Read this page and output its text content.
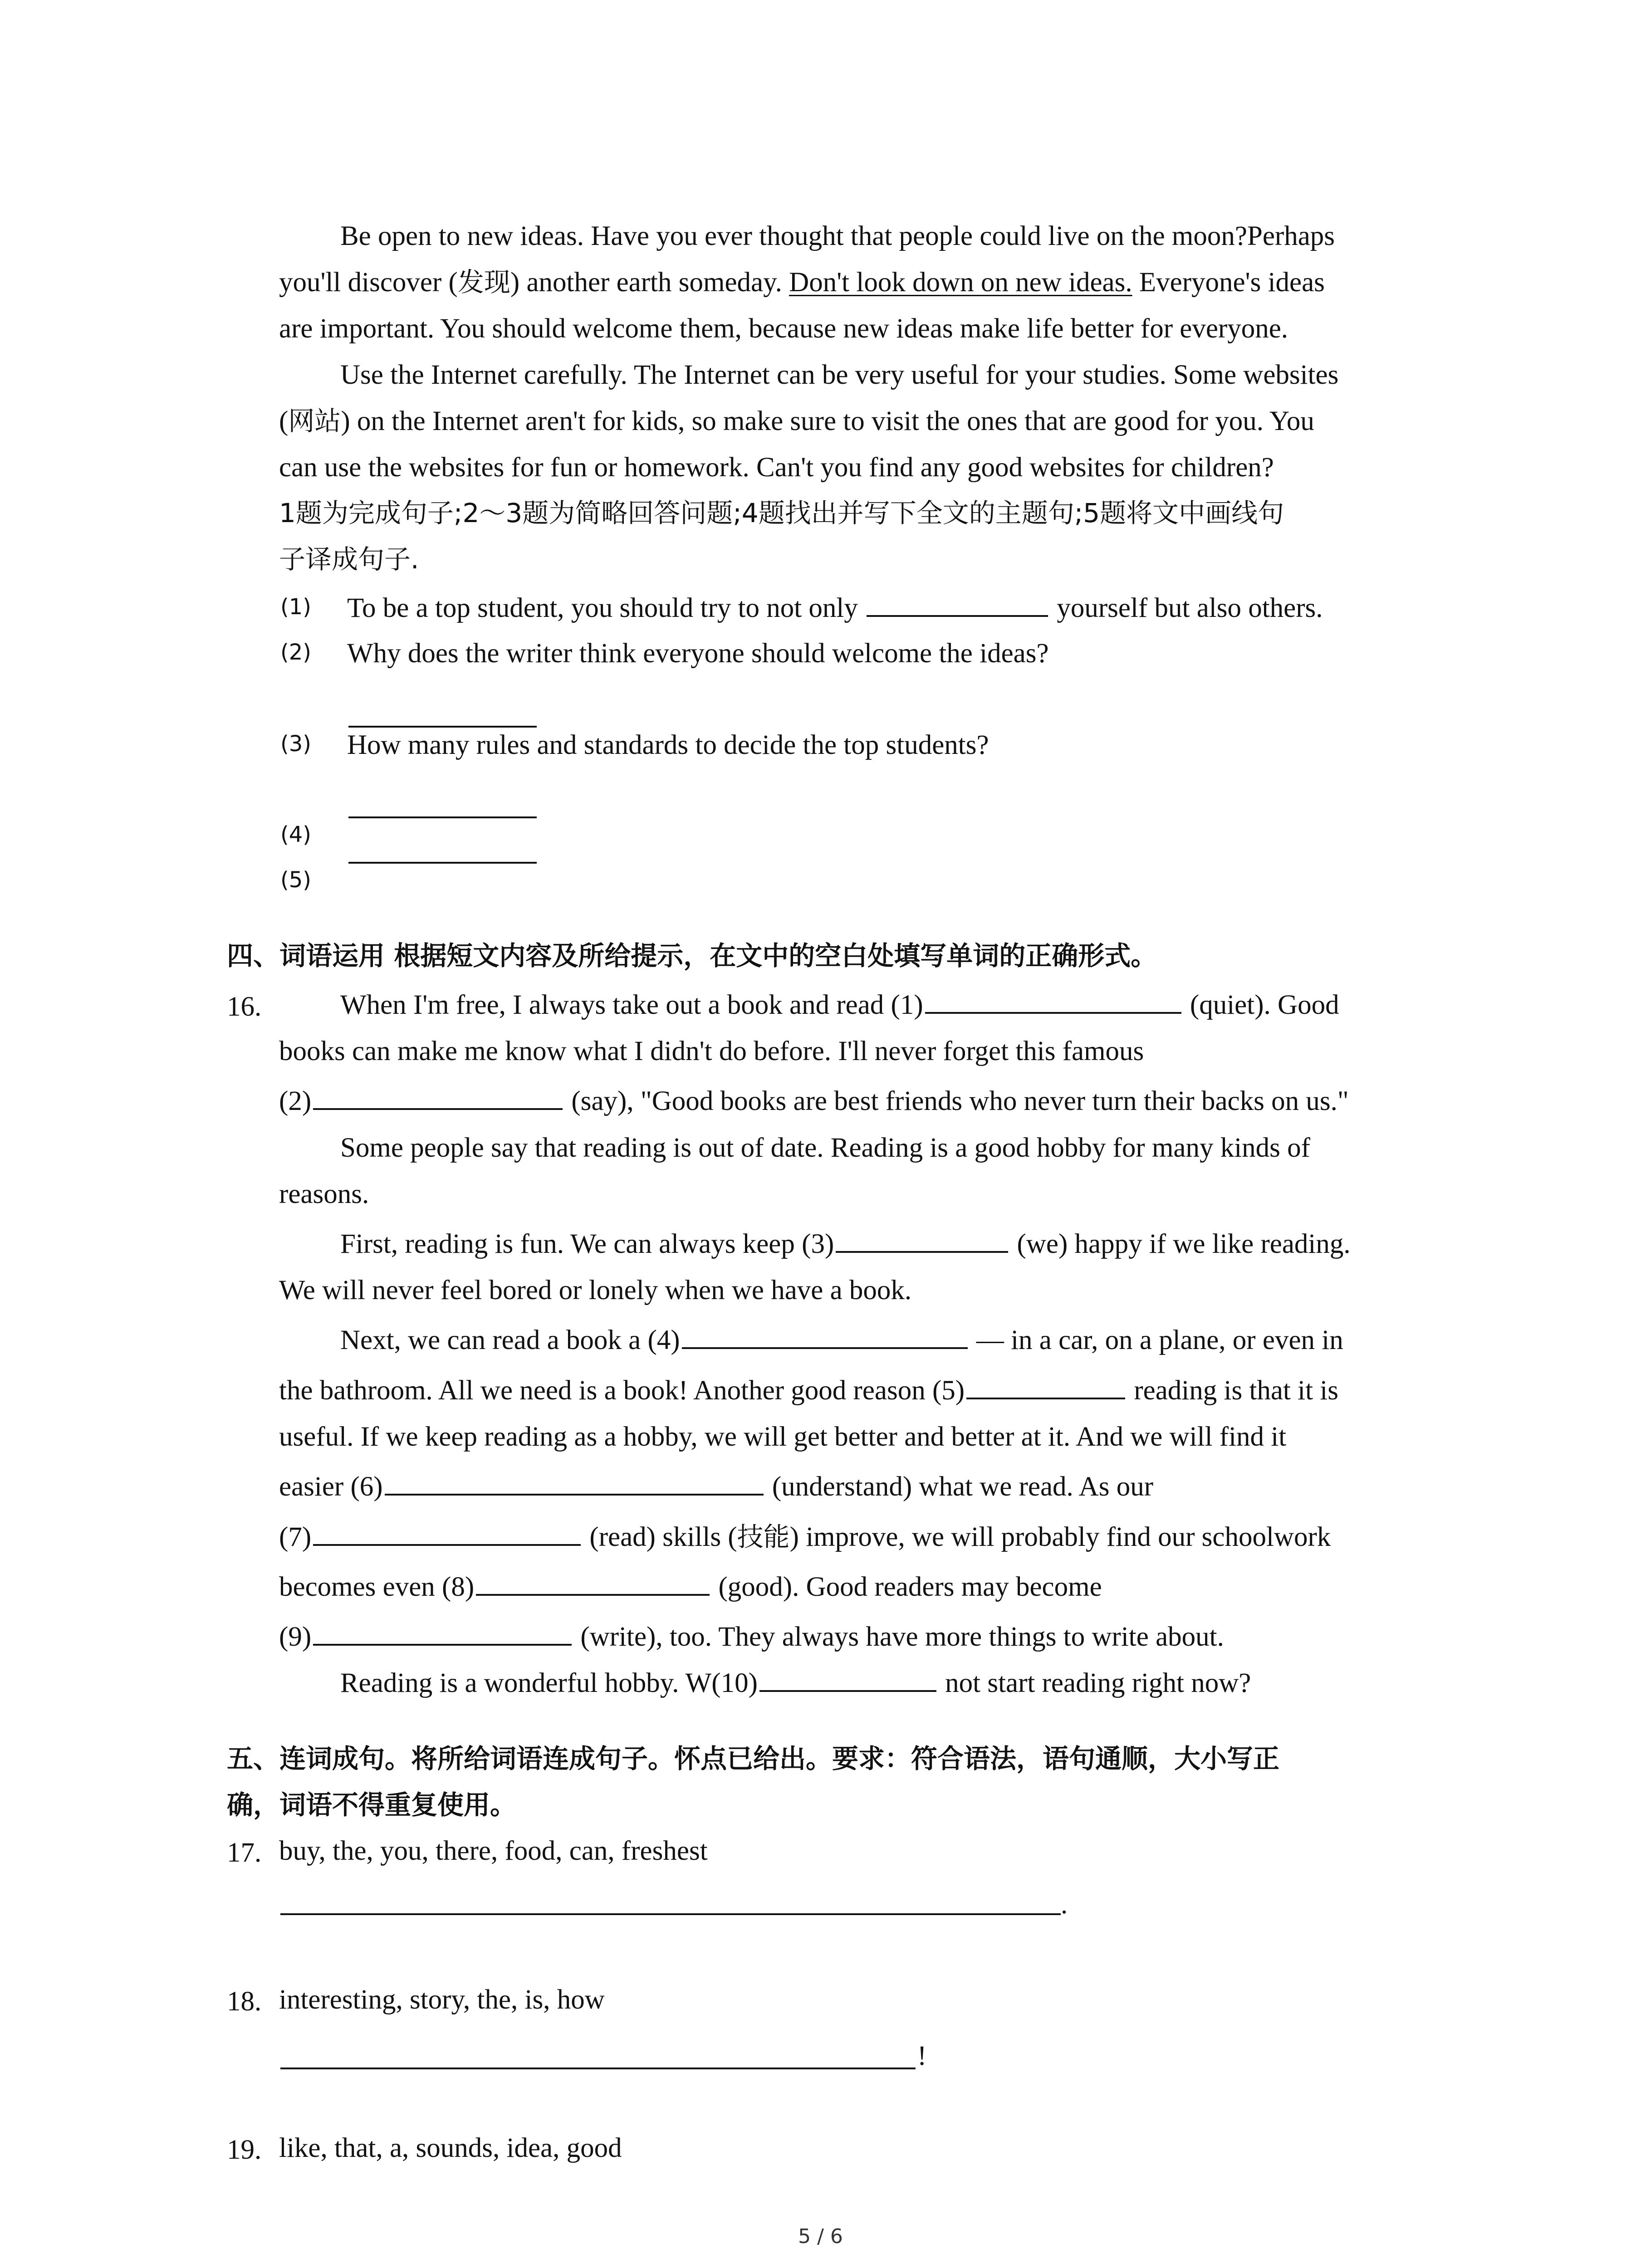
Be open to new ideas. Have you ever thought that people could live on the moon?Perhaps
you'll discover (发现) another earth someday. Don't look down on new ideas. Everyone's ideas
are important. You should welcome them, because new ideas make life better for everyone.
Use the Internet carefully. The Internet can be very useful for your studies. Some websites
(网站) on the Internet aren't for kids, so make sure to visit the ones that are good for you. You
can use the websites for fun or homework. Can't you find any good websites for children?
1题为完成句子;2～3题为简略回答问题;4题找出并写下全文的主题句;5题将文中画线句
子译成句子.
(1) To be a top student, you should try to not only	yourself but also others.
(2) Why does the writer think everyone should welcome the ideas?
(3) How many rules and standards to decide the top students?
(4)
(5)
四、词语运用 根据短文内容及所给提示，在文中的空白处填写单词的正确形式。
16.	When I'm free, I always take out a book and read (1)	(quiet). Good
books can make me know what I didn't do before. I'll never forget this famous
(2)	(say), "Good books are best friends who never turn their backs on us."
Some people say that reading is out of date. Reading is a good hobby for many kinds of
reasons.
First, reading is fun. We can always keep (3)	(we) happy if we like reading.
We will never feel bored or lonely when we have a book.
Next, we can read a book a (4)	— in a car, on a plane, or even in
the bathroom. All we need is a book! Another good reason (5)	reading is that it is
useful. If we keep reading as a hobby, we will get better and better at it. And we will find it
easier (6)	(understand) what we read. As our
(7)	(read) skills (技能) improve, we will probably find our schoolwork
becomes even (8)	(good). Good readers may become
(9)	(write), too. They always have more things to write about.
Reading is a wonderful hobby. W(10)	not start reading right now?
五、连词成句。将所给词语连成句子。怀点已给出。要求：符合语法，语句通顺，大小写正
确，词语不得重复使用。
17. buy, the, you, there, food, can, freshest
.
18. interesting, story, the, is, how
!
19. like, that, a, sounds, idea, good
5 / 6
